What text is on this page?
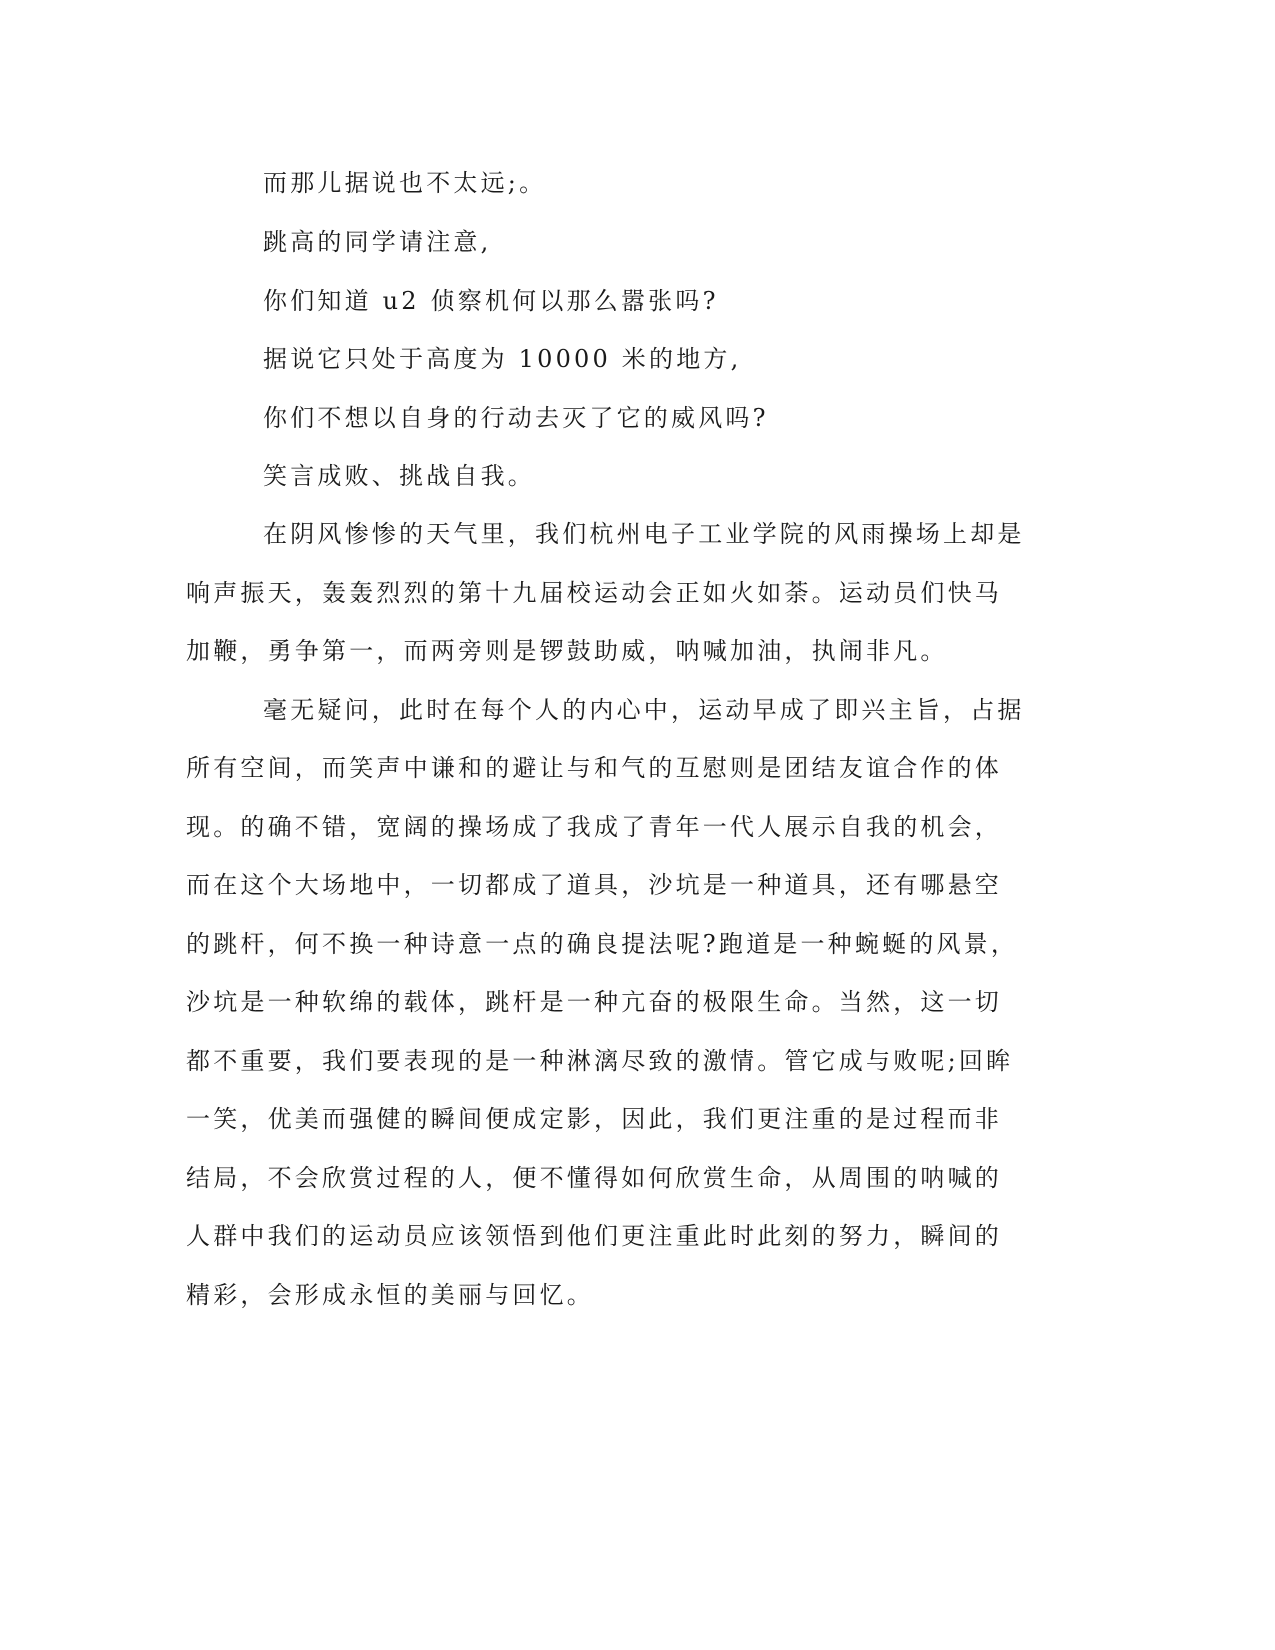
而那儿据说也不太远;。
跳高的同学请注意,
你们知道 u2 侦察机何以那么嚣张吗?
据说它只处于高度为 10000 米的地方,
你们不想以自身的行动去灭了它的威风吗?
笑言成败、挑战自我。
在阴风惨惨的天气里，我们杭州电子工业学院的风雨操场上却是
响声振天，轰轰烈烈的第十九届校运动会正如火如荼。运动员们快马
加鞭，勇争第一，而两旁则是锣鼓助威，呐喊加油，执闹非凡。
毫无疑问，此时在每个人的内心中，运动早成了即兴主旨，占据
所有空间，而笑声中谦和的避让与和气的互慰则是团结友谊合作的体
现。的确不错，宽阔的操场成了我成了青年一代人展示自我的机会，
而在这个大场地中，一切都成了道具，沙坑是一种道具，还有哪悬空
的跳杆，何不换一种诗意一点的确良提法呢?跑道是一种蜿蜒的风景，
沙坑是一种软绵的载体，跳杆是一种亢奋的极限生命。当然，这一切
都不重要，我们要表现的是一种淋漓尽致的激情。管它成与败呢;回眸
一笑，优美而强健的瞬间便成定影，因此，我们更注重的是过程而非
结局，不会欣赏过程的人，便不懂得如何欣赏生命，从周围的呐喊的
人群中我们的运动员应该领悟到他们更注重此时此刻的努力，瞬间的
精彩，会形成永恒的美丽与回忆。
